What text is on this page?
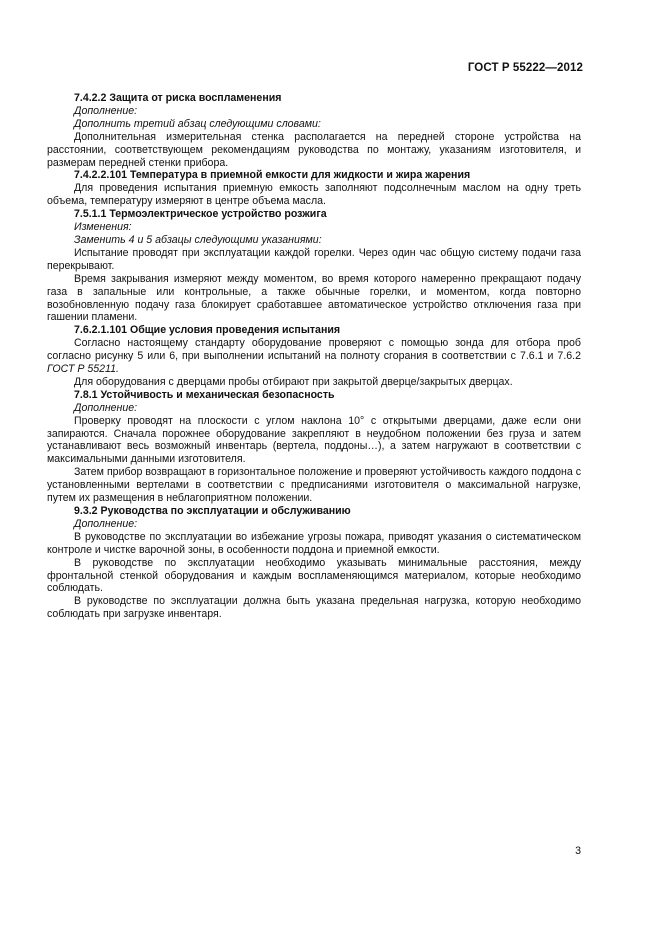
ГОСТ Р 55222—2012

7.4.2.2 Защита от риска воспламенения

Дополнение:

Дополнить третий абзац следующими словами:

Дополнительная измерительная стенка располагается на передней стороне устройства на расстоянии, соответствующем рекомендациям руководства по монтажу, указаниям изготовителя, и размерам передней стенки прибора.

7.4.2.2.101 Температура в приемной емкости для жидкости и жира жарения

Для проведения испытания приемную емкость заполняют подсолнечным маслом на одну треть объема, температуру измеряют в центре объема масла.

7.5.1.1 Термоэлектрическое устройство розжига

Изменения:

Заменить 4 и 5 абзацы следующими указаниями:

Испытание проводят при эксплуатации каждой горелки. Через один час общую систему подачи газа перекрывают.

Время закрывания измеряют между моментом, во время которого намеренно прекращают подачу газа в запальные или контрольные, а также обычные горелки, и моментом, когда повторно возобновленную подачу газа блокирует сработавшее автоматическое устройство отключения газа при гашении пламени.

7.6.2.1.101 Общие условия проведения испытания

Согласно настоящему стандарту оборудование проверяют с помощью зонда для отбора проб согласно рисунку 5 или 6, при выполнении испытаний на полноту сгорания в соответствии с 7.6.1 и 7.6.2 ГОСТ Р 55211.

Для оборудования с дверцами пробы отбирают при закрытой дверце/закрытых дверцах.

7.8.1 Устойчивость и механическая безопасность

Дополнение:

Проверку проводят на плоскости с углом наклона 10° с открытыми дверцами, даже если они запираются. Сначала порожнее оборудование закрепляют в неудобном положении без груза и затем устанавливают весь возможный инвентарь (вертела, поддоны…), а затем нагружают в соответствии с максимальными данными изготовителя.

Затем прибор возвращают в горизонтальное положение и проверяют устойчивость каждого поддона с установленными вертелами в соответствии с предписаниями изготовителя о максимальной нагрузке, путем их размещения в неблагоприятном положении.

9.3.2 Руководства по эксплуатации и обслуживанию

Дополнение:

В руководстве по эксплуатации во избежание угрозы пожара, приводят указания о систематическом контроле и чистке варочной зоны, в особенности поддона и приемной емкости.

В руководстве по эксплуатации необходимо указывать минимальные расстояния, между фронтальной стенкой оборудования и каждым воспламеняющимся материалом, которые необходимо соблюдать.

В руководстве по эксплуатации должна быть указана предельная нагрузка, которую необходимо соблюдать при загрузке инвентаря.

3
